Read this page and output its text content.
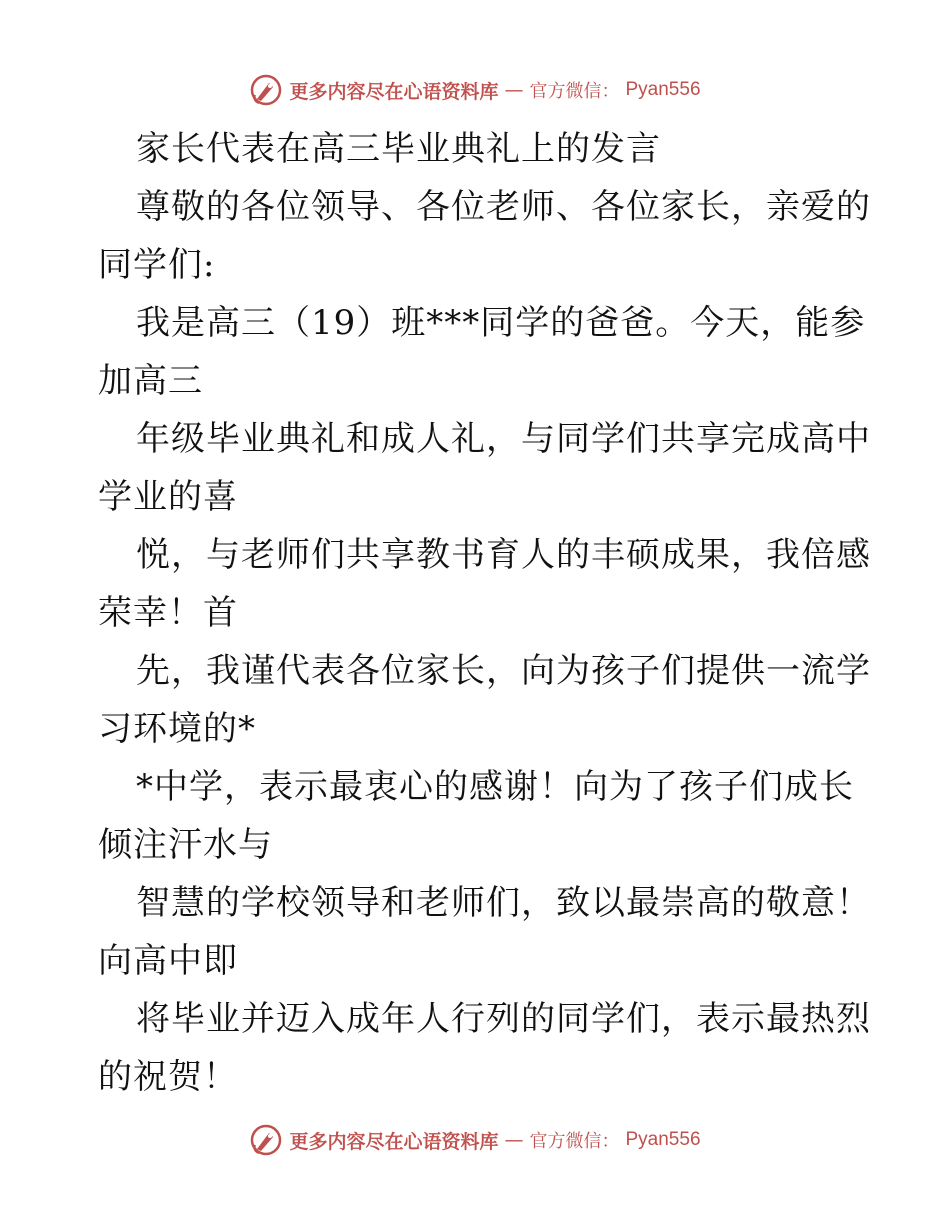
更多内容尽在心语资料库 — 官方微信： Pyan556
家长代表在高三毕业典礼上的发言
尊敬的各位领导、各位老师、各位家长，亲爱的
同学们:
我是高三（19）班***同学的爸爸。今天，能参
加高三
年级毕业典礼和成人礼，与同学们共享完成高中
学业的喜
悦，与老师们共享教书育人的丰硕成果，我倍感
荣幸！首
先，我谨代表各位家长，向为孩子们提供一流学
习环境的*
*中学，表示最衷心的感谢！向为了孩子们成长
倾注汗水与
智慧的学校领导和老师们，致以最崇高的敬意！
向高中即
将毕业并迈入成年人行列的同学们，表示最热烈
的祝贺！
更多内容尽在心语资料库 — 官方微信： Pyan556
